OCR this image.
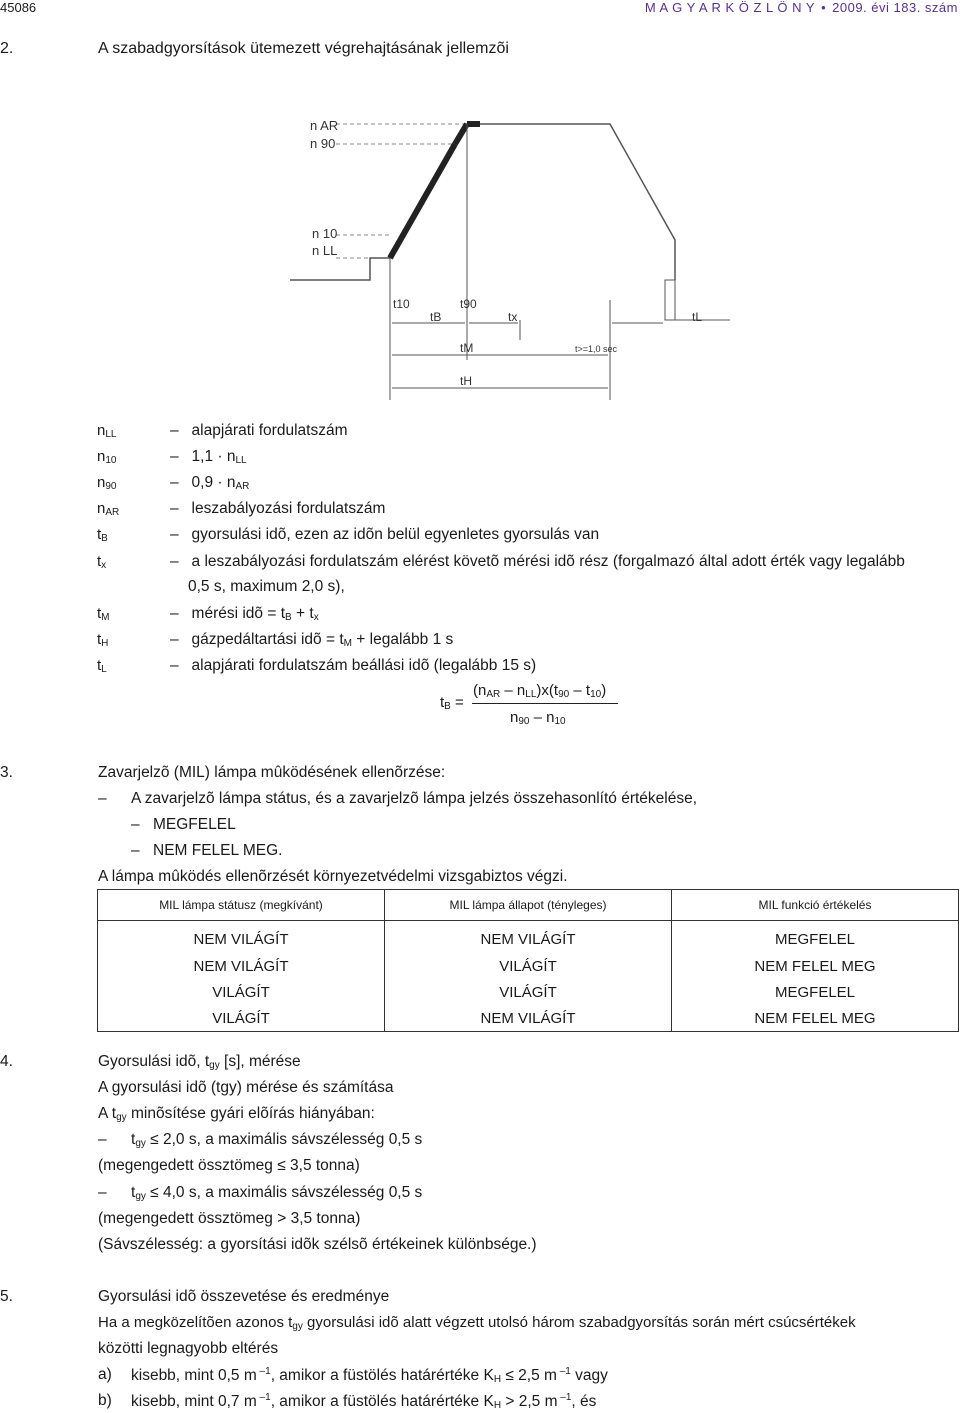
45086	M A G Y A R K Ö Z L Ö N Y • 2009. évi 183. szám
2.	A szabadgyorsítások ütemezett végrehajtásának jellemzõi
n AR
n 90
n 10
n LL
t10	t90
tB	tx	tL
tM
tH
t>=1,0 sec
$n_{LL}$	– alapjárati fordulatszám
$n_{10}$	– $1,1 \cdot n_{LL}$
$n_{90}$	– $0,9 \cdot n_{AR}$
$n_{AR}$	– leszabályozási fordulatszám
$t_B$	– gyorsulási idõ, ezen az idõn belül egyenletes gyorsulás van
$t_x$	– a leszabályozási fordulatszám elérést követõ mérési idõ rész (forgalmazó által adott érték vagy legalább
0,5 s, maximum 2,0 s),
$t_M$	– mérési idõ = $t_B + t_x$
$t_H$	– gázpedáltartási idõ = $t_M$ + legalább 1 s
$t_L$	– alapjárati fordulatszám beállási idõ (legalább 15 s)
$t_B$ =
$(n_{AR} - n_{LL})x(t_{90} - t_{10})$
$n_{90} - n_{10}$
3.	Zavarjelzõ (MIL) lámpa mûködésének ellenõrzése:
– A zavarjelzõ lámpa státus, és a zavarjelzõ lámpa jelzés összehasonlító értékelése,
– MEGFELEL
– NEM FELEL MEG.
A lámpa mûködés ellenõrzését környezetvédelmi vizsgabiztos végzi.
MIL lámpa státusz (megkívánt)	MIL lámpa állapot (tényleges)	MIL funkció értékelés
NEM VILÁGÍT	NEM VILÁGÍT	MEGFELEL
NEM VILÁGÍT	VILÁGÍT	NEM FELEL MEG
VILÁGÍT	VILÁGÍT	MEGFELEL
VILÁGÍT	NEM VILÁGÍT	NEM FELEL MEG
4.	Gyorsulási idõ, $t_{gy}$ [s], mérése
A gyorsulási idõ (tgy) mérése és számítása
A $t_{gy}$ minõsítése gyári elõírás hiányában:
– $t_{gy} \le 2,0$ s, a maximális sávszélesség 0,5 s
(megengedett össztömeg ≤ 3,5 tonna)
– $t_{gy} \le 4,0$ s, a maximális sávszélesség 0,5 s
(megengedett össztömeg > 3,5 tonna)
(Sávszélesség: a gyorsítási idõk szélsõ értékeinek különbsége.)
5.	Gyorsulási idõ összevetése és eredménye
Ha a megközelítõen azonos $t_{gy}$ gyorsulási idõ alatt végzett utolsó három szabadgyorsítás során mért csúcsértékek
közötti legnagyobb eltérés
a) kisebb, mint 0,5 m $^{-1}$, amikor a füstölés határértéke $K_H \le 2,5$ m $^{-1}$ vagy
b) kisebb, mint 0,7 m $^{-1}$, amikor a füstölés határértéke $K_H > 2,5$ m $^{-1}$, és
